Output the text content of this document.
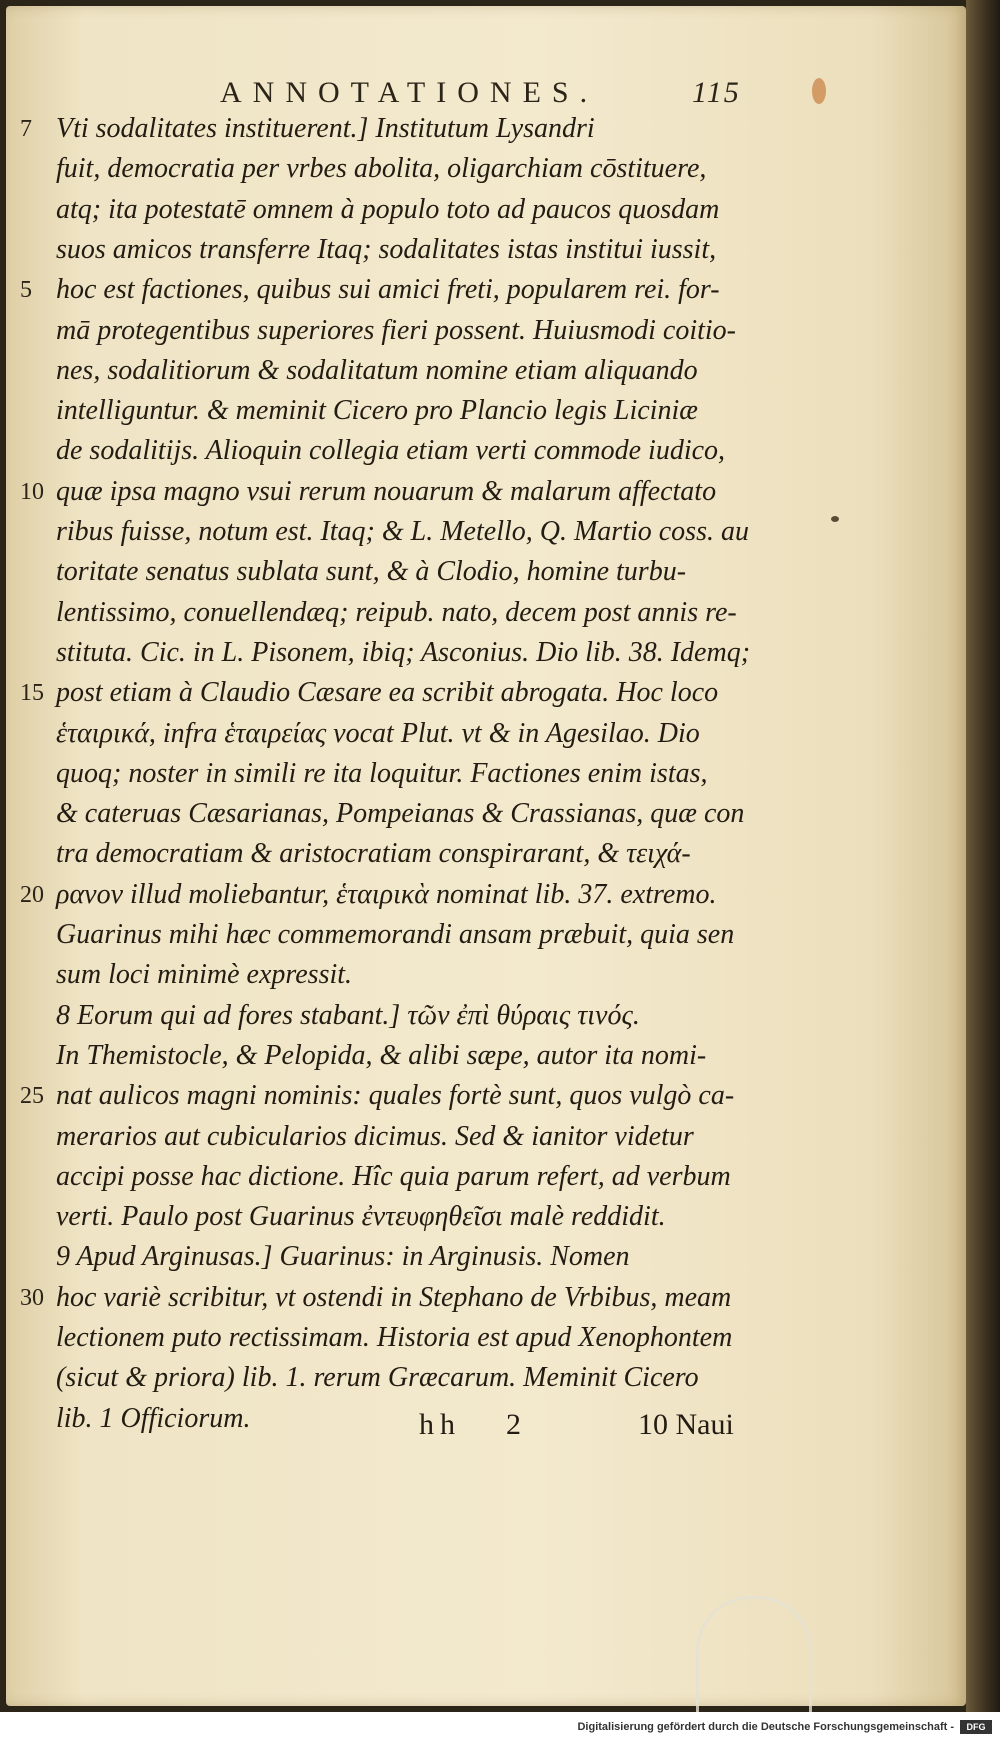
ANNOTATIONES.	115
Vti sodalitates instituerent.] Institutum Lysandri
7
fuit, democratia per vrbes abolita, oligarchiam cōstituere,
atq; ita potestatē omnem à populo toto ad paucos quosdam
suos amicos transferre Itaq; sodalitates istas institui iussit,
hoc est factiones, quibus sui amici freti, popularem rei. for-
5
mā protegentibus superiores fieri possent. Huiusmodi coitio-
nes, sodalitiorum & sodalitatum nomine etiam aliquando
intelliguntur. & meminit Cicero pro Plancio legis Liciniæ
de sodalitijs. Alioquin collegia etiam verti commode iudico,
quæ ipsa magno vsui rerum nouarum & malarum affectato
10
ribus fuisse, notum est. Itaq; & L. Metello, Q. Martio coss. au
toritate senatus sublata sunt, & à Clodio, homine turbu-
lentissimo, conuellendæq; reipub. nato, decem post annis re-
stituta. Cic. in L. Pisonem, ibiq; Asconius. Dio lib. 38. Idemq;
post etiam à Claudio Cæsare ea scribit abrogata. Hoc loco
15
ἑταιρικά, infra ἑταιρείας vocat Plut. vt & in Agesilao. Dio
quoq; noster in simili re ita loquitur. Factiones enim istas,
& cateruas Cæsarianas, Pompeianas & Crassianas, quæ con
tra democratiam & aristocratiam conspirarant, & τειχά-
ρανον illud moliebantur, ἑταιρικὰ nominat lib. 37. extremo.
20
Guarinus mihi hæc commemorandi ansam præbuit, quia sen
sum loci minimè expressit.
8 Eorum qui ad fores stabant.] τῶν ἐπὶ θύραις τινός.
In Themistocle, & Pelopida, & alibi sæpe, autor ita nomi-
nat aulicos magni nominis: quales fortè sunt, quos vulgò ca-
25
merarios aut cubicularios dicimus. Sed & ianitor videtur
accipi posse hac dictione. Hîc quia parum refert, ad verbum
verti. Paulo post Guarinus ἐντευφηθεῖσι malè reddidit.
9 Apud Arginusas.] Guarinus: in Arginusis. Nomen
hoc variè scribitur, vt ostendi in Stephano de Vrbibus, meam
30
lectionem puto rectissimam. Historia est apud Xenophontem
(sicut & priora) lib. 1. rerum Græcarum. Meminit Cicero
lib. 1 Officiorum.	hh 2	10 Naui
Digitalisierung gefördert durch die Deutsche Forschungsgemeinschaft -	DFG
